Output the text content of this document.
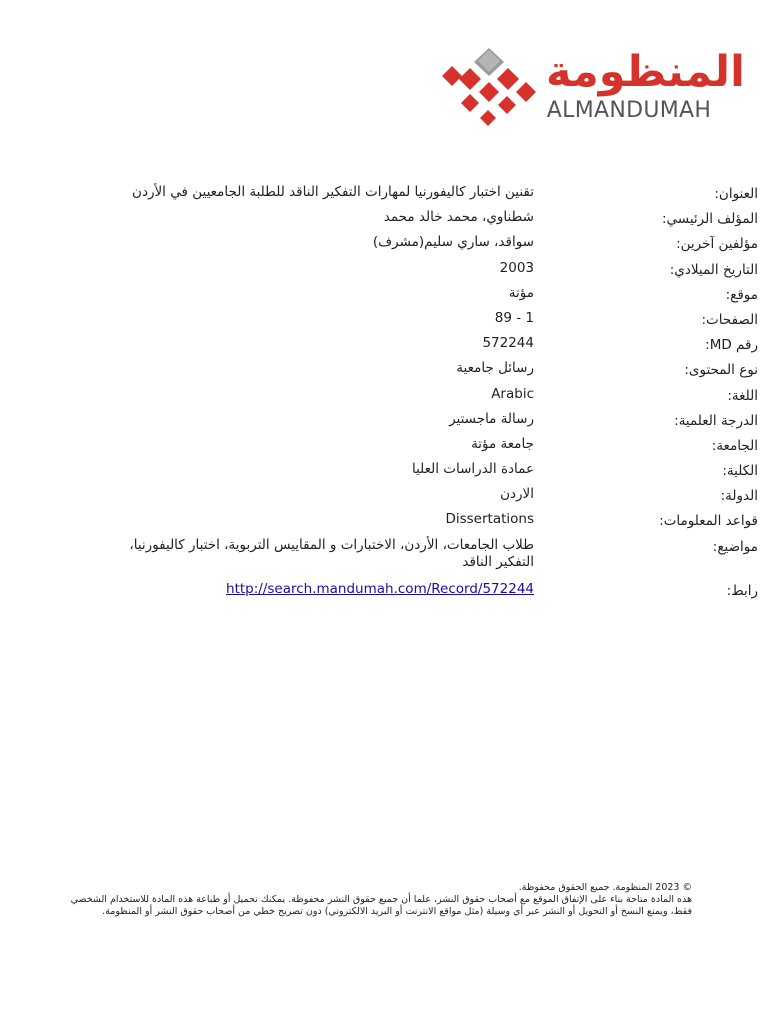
المنظومة
ALMANDUMAH
العنوان:
تقنين اختبار كاليفورنيا لمهارات التفكير الناقد للطلبة الجامعيين في الأردن
المؤلف الرئيسي:
شطناوي، محمد خالد محمد
مؤلفين آخرين:
سواقد، ساري سليم(مشرف)
التاريخ الميلادي:
2003
موقع:
مؤتة
الصفحات:
1 - 89
رقم MD:
572244
نوع المحتوى:
رسائل جامعية
اللغة:
Arabic
الدرجة العلمية:
رسالة ماجستير
الجامعة:
جامعة مؤتة
الكلية:
عمادة الدراسات العليا
الدولة:
الاردن
قواعد المعلومات:
Dissertations
مواضيع:
طلاب الجامعات، الأردن، الاختبارات و المقاييس التربوية، اختبار كاليفورنيا، التفكير الناقد
رابط:
http://search.mandumah.com/Record/572244

© 2023 المنظومة. جميع الحقوق محفوظة.

هذه المادة متاحة بناء على الإتفاق الموقع مع أصحاب حقوق النشر، علما أن جميع حقوق النشر محفوظة. يمكنك تحميل أو طباعة هذه المادة للاستخدام الشخصي فقط، ويمنع النسخ أو التحويل أو النشر عبر أي وسيلة (مثل مواقع الانترنت أو البريد الالكتروني) دون تصريح خطي من أصحاب حقوق النشر أو المنظومة.
